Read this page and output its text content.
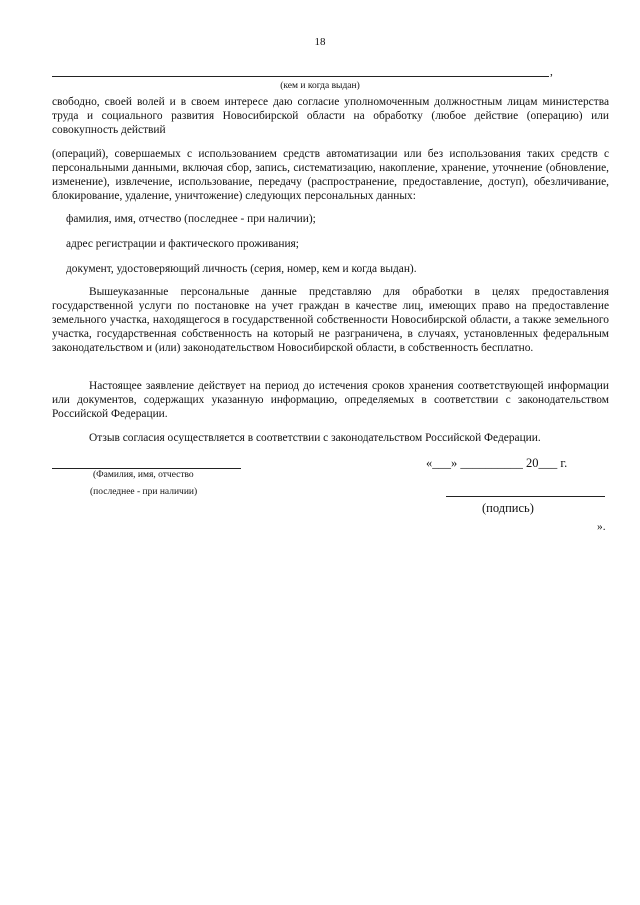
18
,
(кем и когда выдан)
свободно, своей волей и в своем интересе даю согласие уполномоченным должностным лицам министерства труда и социального развития Новосибирской области на обработку (любое действие (операцию) или совокупность действий
(операций), совершаемых с использованием средств автоматизации или без использования таких средств с персональными данными, включая сбор, запись, систематизацию, накопление, хранение, уточнение (обновление, изменение), извлечение, использование, передачу (распространение, предоставление, доступ), обезличивание, блокирование, удаление, уничтожение) следующих персональных данных:
фамилия, имя, отчество (последнее - при наличии);
адрес регистрации и фактического проживания;
документ, удостоверяющий личность (серия, номер, кем и когда выдан).
Вышеуказанные персональные данные представляю для обработки в целях предоставления государственной услуги по постановке на учет граждан в качестве лиц, имеющих право на предоставление земельного участка, находящегося в государственной собственности Новосибирской области, а также земельного участка, государственная собственность на который не разграничена, в случаях, установленных федеральным законодательством и (или) законодательством Новосибирской области, в собственность бесплатно.
Настоящее заявление действует на период до истечения сроков хранения соответствующей информации или документов, содержащих указанную информацию, определяемых в соответствии с законодательством Российской Федерации.
Отзыв согласия осуществляется в соответствии с законодательством Российской Федерации.
(Фамилия, имя, отчество
(последнее - при наличии)
«___» __________ 20___ г.
(подпись)
».
